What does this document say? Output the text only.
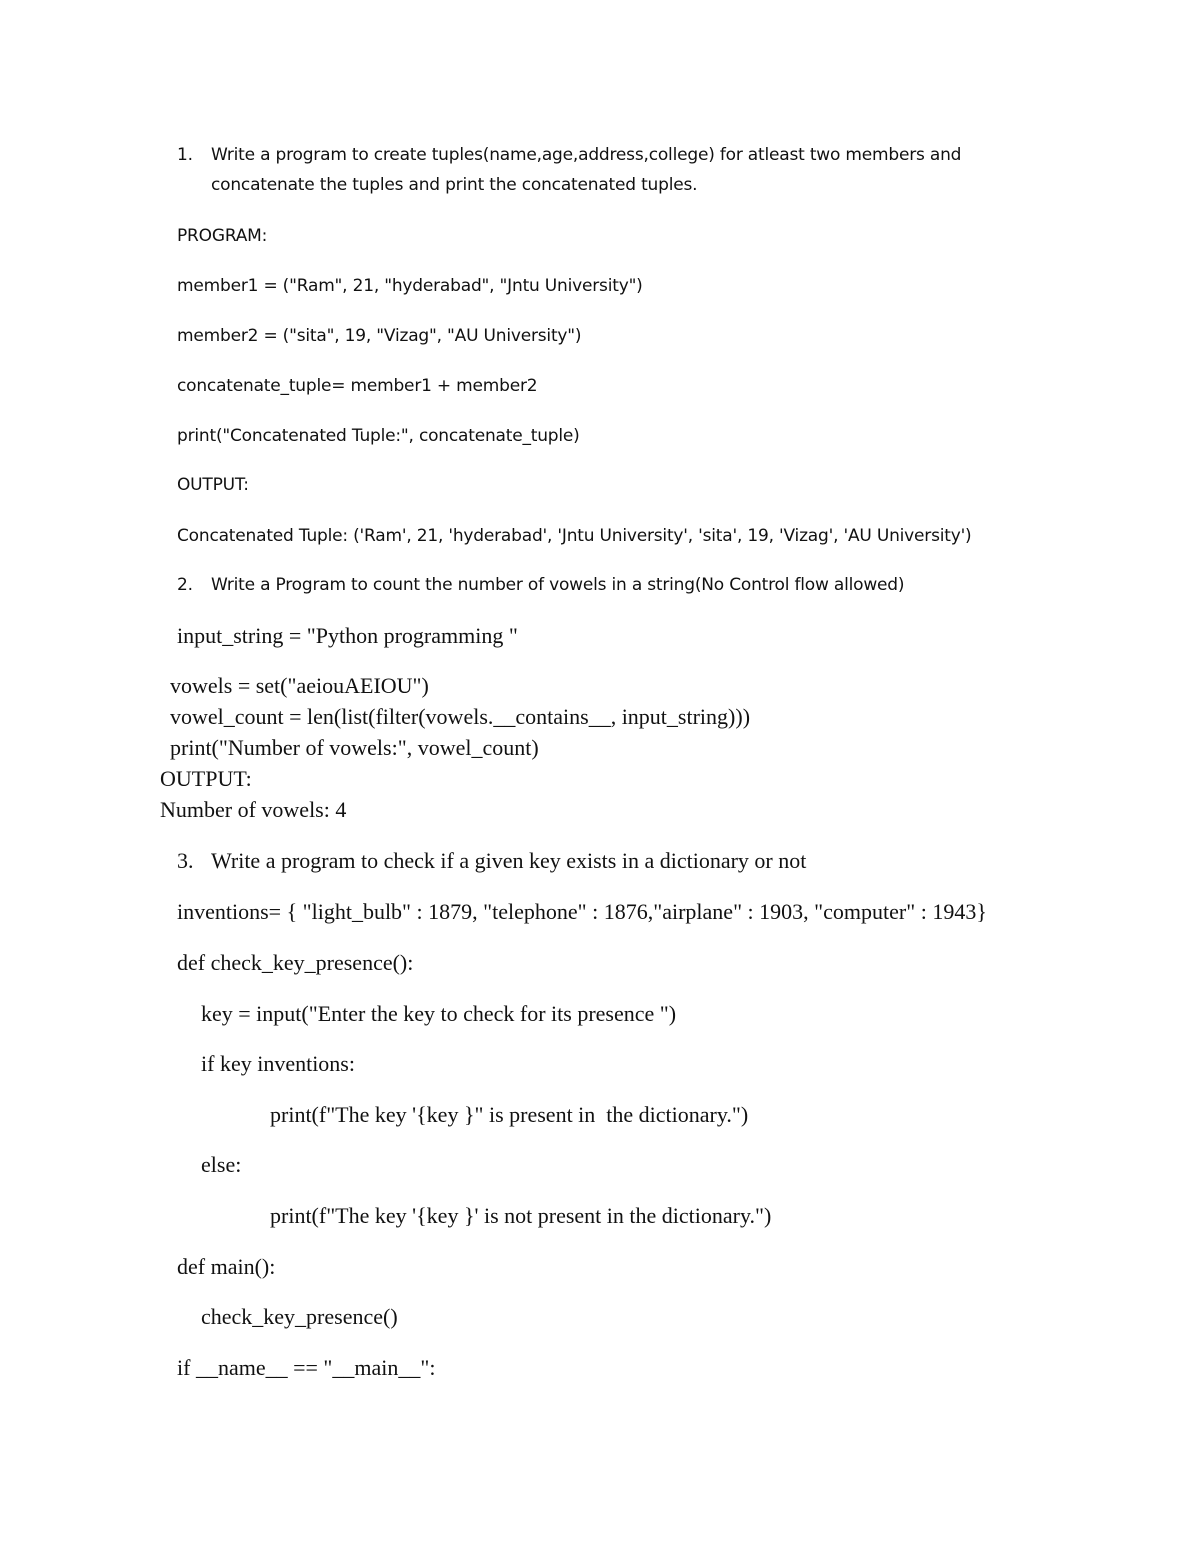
1. Write a program to create tuples(name,age,address,college) for atleast two members and
concatenate the tuples and print the concatenated tuples.
PROGRAM:
member1 = ("Ram", 21, "hyderabad", "Jntu University")
member2 = ("sita", 19, "Vizag", "AU University")
concatenate_tuple= member1 + member2
print("Concatenated Tuple:", concatenate_tuple)
OUTPUT:
Concatenated Tuple: ('Ram', 21, 'hyderabad', 'Jntu University', 'sita', 19, 'Vizag', 'AU University')
2. Write a Program to count the number of vowels in a string(No Control flow allowed)
input_string = "Python programming "
vowels = set("aeiouAEIOU")
vowel_count = len(list(filter(vowels.__contains__, input_string)))
print("Number of vowels:", vowel_count)
OUTPUT:
Number of vowels: 4
3. Write a program to check if a given key exists in a dictionary or not
inventions= { "light_bulb" : 1879, "telephone" : 1876,"airplane" : 1903, "computer" : 1943}
def check_key_presence():
key = input("Enter the key to check for its presence ")
if key inventions:
print(f"The key '{key }" is present in  the dictionary.")
else:
print(f"The key '{key }' is not present in the dictionary.")
def main():
check_key_presence()
if __name__ == "__main__":
